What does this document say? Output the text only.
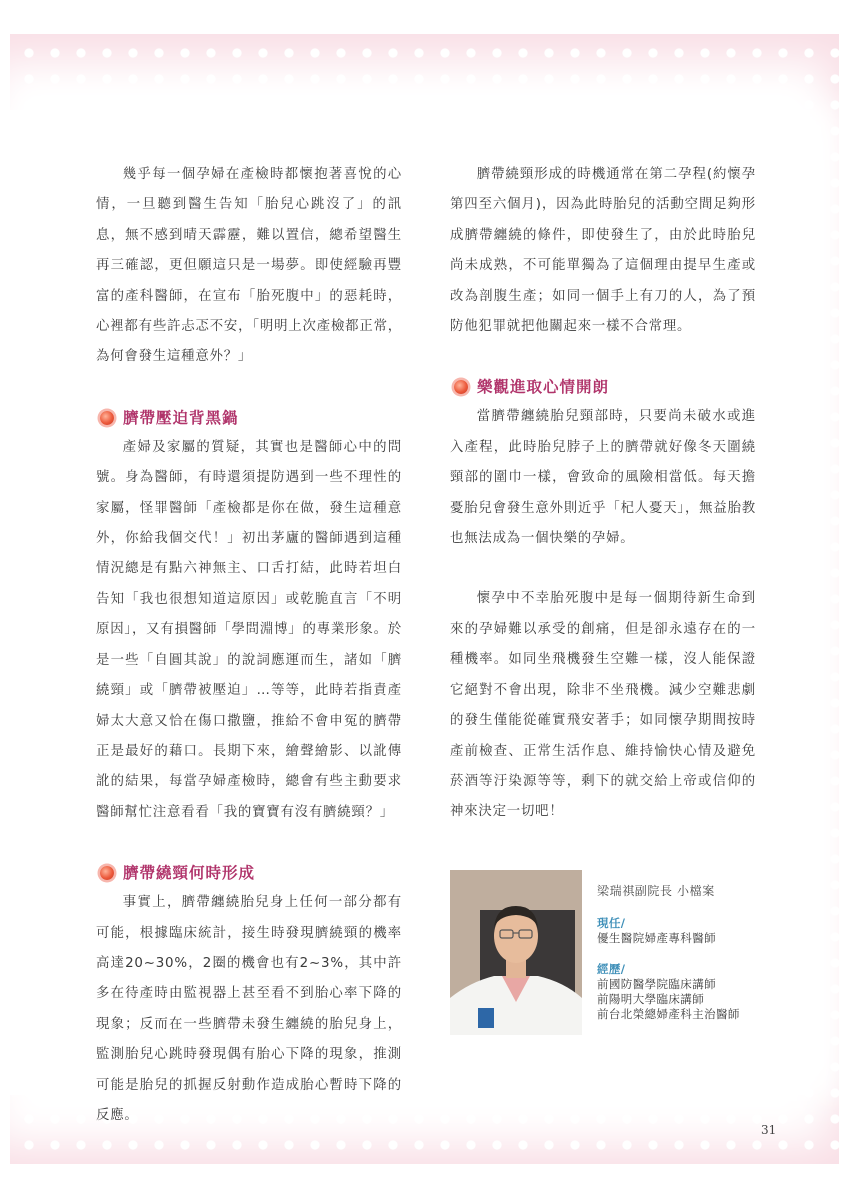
幾乎每一個孕婦在產檢時都懷抱著喜悅的心情，一旦聽到醫生告知「胎兒心跳沒了」的訊息，無不感到晴天霹靂，難以置信，總希望醫生再三確認，更但願這只是一場夢。即使經驗再豐富的產科醫師，在宣布「胎死腹中」的惡耗時，心裡都有些許忐忑不安，「明明上次產檢都正常，為何會發生這種意外？」

臍帶壓迫背黑鍋

產婦及家屬的質疑，其實也是醫師心中的問號。身為醫師，有時還須提防遇到一些不理性的家屬，怪罪醫師「產檢都是你在做，發生這種意外，你給我個交代！」初出茅廬的醫師遇到這種情況總是有點六神無主、口舌打結，此時若坦白告知「我也很想知道這原因」或乾脆直言「不明原因」，又有損醫師「學問淵博」的專業形象。於是一些「自圓其說」的說詞應運而生，諸如「臍繞頸」或「臍帶被壓迫」…等等，此時若指責產婦太大意又恰在傷口撒鹽，推給不會申冤的臍帶正是最好的藉口。長期下來，繪聲繪影、以訛傳訛的結果，每當孕婦產檢時，總會有些主動要求醫師幫忙注意看看「我的寶寶有沒有臍繞頸？」

臍帶繞頸何時形成

事實上，臍帶纏繞胎兒身上任何一部分都有可能，根據臨床統計，接生時發現臍繞頸的機率高達20~30%，2圈的機會也有2~3%，其中許多在待產時由監視器上甚至看不到胎心率下降的現象；反而在一些臍帶未發生纏繞的胎兒身上，監測胎兒心跳時發現偶有胎心下降的現象，推測可能是胎兒的抓握反射動作造成胎心暫時下降的反應。

臍帶繞頸形成的時機通常在第二孕程(約懷孕第四至六個月)，因為此時胎兒的活動空間足夠形成臍帶纏繞的條件，即使發生了，由於此時胎兒尚未成熟，不可能單獨為了這個理由提早生產或改為剖腹生產；如同一個手上有刀的人，為了預防他犯罪就把他關起來一樣不合常理。

樂觀進取心情開朗

當臍帶纏繞胎兒頸部時，只要尚未破水或進入產程，此時胎兒脖子上的臍帶就好像冬天圍繞頸部的圍巾一樣，會致命的風險相當低。每天擔憂胎兒會發生意外則近乎「杞人憂天」，無益胎教也無法成為一個快樂的孕婦。

懷孕中不幸胎死腹中是每一個期待新生命到來的孕婦難以承受的創痛，但是卻永遠存在的一種機率。如同坐飛機發生空難一樣，沒人能保證它絕對不會出現，除非不坐飛機。減少空難悲劇的發生僅能從確實飛安著手；如同懷孕期間按時產前檢查、正常生活作息、維持愉快心情及避免菸酒等汙染源等等，剩下的就交給上帝或信仰的神來決定一切吧！

梁瑞祺副院長 小檔案

現任/

優生醫院婦產專科醫師

經歷/

前國防醫學院臨床講師

前陽明大學臨床講師

前台北榮總婦產科主治醫師

31
